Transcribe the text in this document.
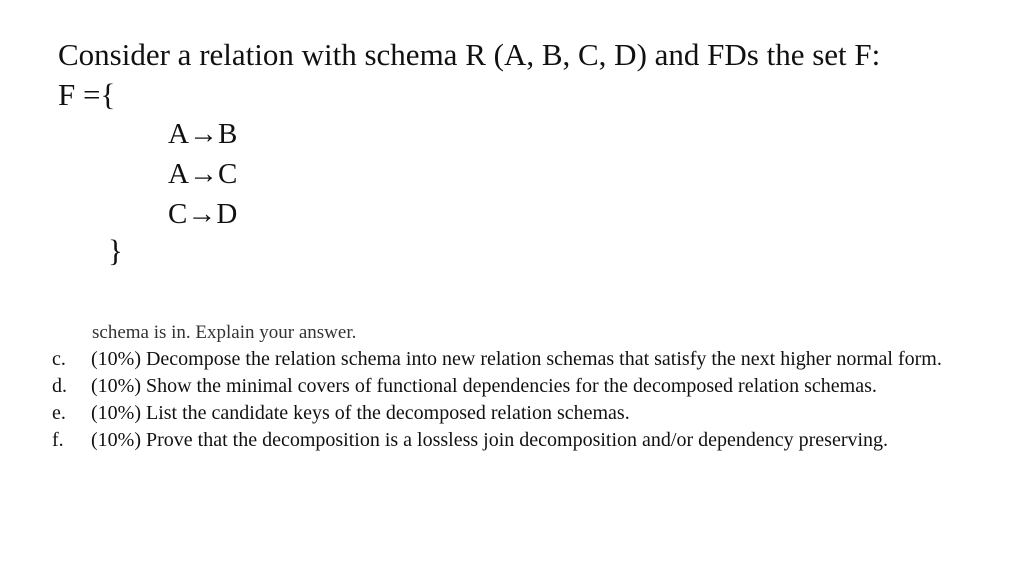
Consider a relation with schema R (A, B, C, D) and FDs the set F:
F ={
A→B
A→C
C→D
}
schema is in. Explain your answer.
c. (10%) Decompose the relation schema into new relation schemas that satisfy the next higher normal form.
d. (10%) Show the minimal covers of functional dependencies for the decomposed relation schemas.
e. (10%) List the candidate keys of the decomposed relation schemas.
f. (10%) Prove that the decomposition is a lossless join decomposition and/or dependency preserving.
